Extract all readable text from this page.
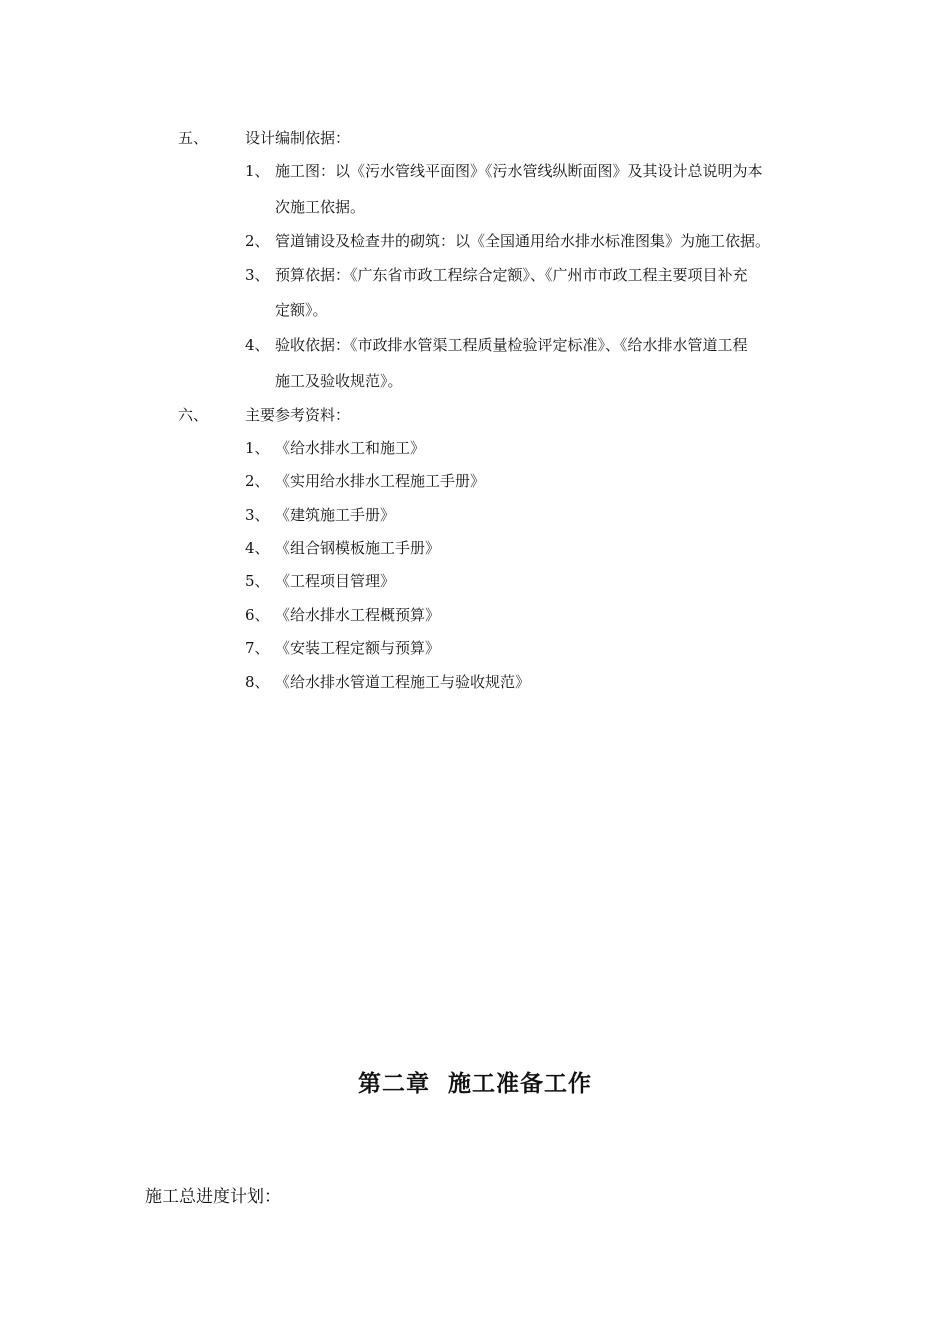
五、 设计编制依据：
1、 施工图：以《污水管线平面图》《污水管线纵断面图》及其设计总说明为本
次施工依据。
2、 管道铺设及检查井的砌筑：以《全国通用给水排水标准图集》为施工依据。
3、 预算依据：《广东省市政工程综合定额》、《广州市市政工程主要项目补充
定额》。
4、 验收依据：《市政排水管渠工程质量检验评定标准》、《给水排水管道工程
施工及验收规范》。
六、 主要参考资料：
1、 《给水排水工和施工》
2、 《实用给水排水工程施工手册》
3、 《建筑施工手册》
4、 《组合钢模板施工手册》
5、 《工程项目管理》
6、 《给水排水工程概预算》
7、 《安装工程定额与预算》
8、 《给水排水管道工程施工与验收规范》
第二章  施工准备工作
施工总进度计划：
